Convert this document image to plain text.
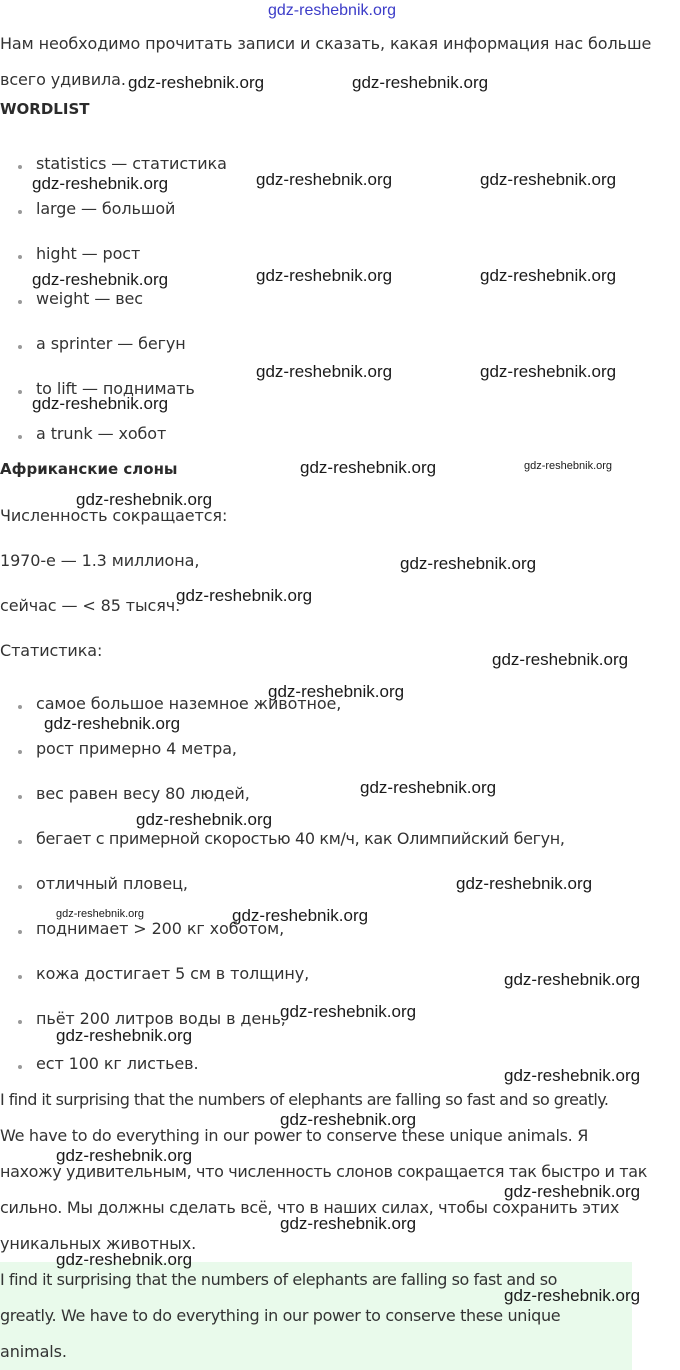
gdz-reshebnik.org
Нам необходимо прочитать записи и сказать, какая информация нас больше
всего удивила.
WORDLIST
statistics — статистика
large — большой
hight — рост
weight — вес
a sprinter — бегун
to lift — поднимать
a trunk — хобот
Африканские слоны
Численность сокращается:
1970-е — 1.3 миллиона,
сейчас — < 85 тысяч.
Статистика:
самое большое наземное животное,
рост примерно 4 метра,
вес равен весу 80 людей,
бегает с примерной скоростью 40 км/ч, как Олимпийский бегун,
отличный пловец,
поднимает > 200 кг хоботом,
кожа достигает 5 см в толщину,
пьёт 200 литров воды в день,
ест 100 кг листьев.
I find it surprising that the numbers of elephants are falling so fast and so greatly.
We have to do everything in our power to conserve these unique animals. Я
нахожу удивительным, что численность слонов сокращается так быстро и так
сильно. Мы должны сделать всё, что в наших силах, чтобы сохранить этих
уникальных животных.
I find it surprising that the numbers of elephants are falling so fast and so
greatly. We have to do everything in our power to conserve these unique
animals.
gdz-reshebnik.org	gdz-reshebnik.org
gdz-reshebnik.org	gdz-reshebnik.org	gdz-reshebnik.org
gdz-reshebnik.org	gdz-reshebnik.org	gdz-reshebnik.org
gdz-reshebnik.org	gdz-reshebnik.org
gdz-reshebnik.org
gdz-reshebnik.org	gdz-reshebnik.org
gdz-reshebnik.org
gdz-reshebnik.org
gdz-reshebnik.org
gdz-reshebnik.org
gdz-reshebnik.org
gdz-reshebnik.org
gdz-reshebnik.org
gdz-reshebnik.org
gdz-reshebnik.org
gdz-reshebnik.org	gdz-reshebnik.org
gdz-reshebnik.org
gdz-reshebnik.org
gdz-reshebnik.org
gdz-reshebnik.org
gdz-reshebnik.org
gdz-reshebnik.org
gdz-reshebnik.org
gdz-reshebnik.org
gdz-reshebnik.org
gdz-reshebnik.org
